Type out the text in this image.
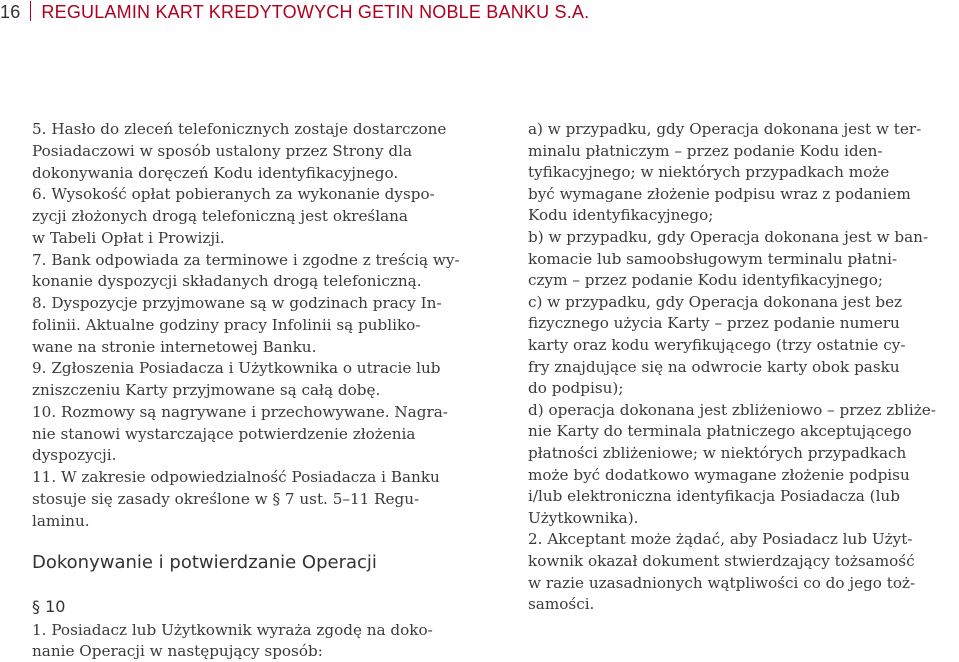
16 REGULAMIN KART KREDYTOWYCH GETIN NOBLE BANKU S.A.
5. Hasło do zleceń telefonicznych zostaje dostarczone
Posiadaczowi w sposób ustalony przez Strony dla
dokonywania doręczeń Kodu identyfikacyjnego.
6. Wysokość opłat pobieranych za wykonanie dyspo-
zycji złożonych drogą telefoniczną jest określana
w Tabeli Opłat i Prowizji.
7. Bank odpowiada za terminowe i zgodne z treścią wy-
konanie dyspozycji składanych drogą telefoniczną.
8. Dyspozycje przyjmowane są w godzinach pracy In-
folinii. Aktualne godziny pracy Infolinii są publiko-
wane na stronie internetowej Banku.
9. Zgłoszenia Posiadacza i Użytkownika o utracie lub
zniszczeniu Karty przyjmowane są całą dobę.
10. Rozmowy są nagrywane i przechowywane. Nagra-
nie stanowi wystarczające potwierdzenie złożenia
dyspozycji.
11. W zakresie odpowiedzialność Posiadacza i Banku
stosuje się zasady określone w § 7 ust. 5–11 Regu-
laminu.
1. Posiadacz lub Użytkownik wyraża zgodę na doko-
nanie Operacji w następujący sposób:
a) w przypadku, gdy Operacja dokonana jest w ter-
minalu płatniczym – przez podanie Kodu iden-
tyfikacyjnego; w niektórych przypadkach może
być wymagane złożenie podpisu wraz z podaniem
Kodu identyfikacyjnego;
b) w przypadku, gdy Operacja dokonana jest w ban-
komacie lub samoobsługowym terminalu płatni-
czym – przez podanie Kodu identyfikacyjnego;
c) w przypadku, gdy Operacja dokonana jest bez
fizycznego użycia Karty – przez podanie numeru
karty oraz kodu weryfikującego (trzy ostatnie cy-
fry znajdujące się na odwrocie karty obok pasku
do podpisu);
d) operacja dokonana jest zbliżeniowo – przez zbliże-
nie Karty do terminala płatniczego akceptującego
płatności zbliżeniowe; w niektórych przypadkach
może być dodatkowo wymagane złożenie podpisu
i/lub elektroniczna identyfikacja Posiadacza (lub
Użytkownika).
2. Akceptant może żądać, aby Posiadacz lub Użyt-
kownik okazał dokument stwierdzający tożsamość
w razie uzasadnionych wątpliwości co do jego toż-
samości.
Dokonywanie i potwierdzanie Operacji
§ 10
